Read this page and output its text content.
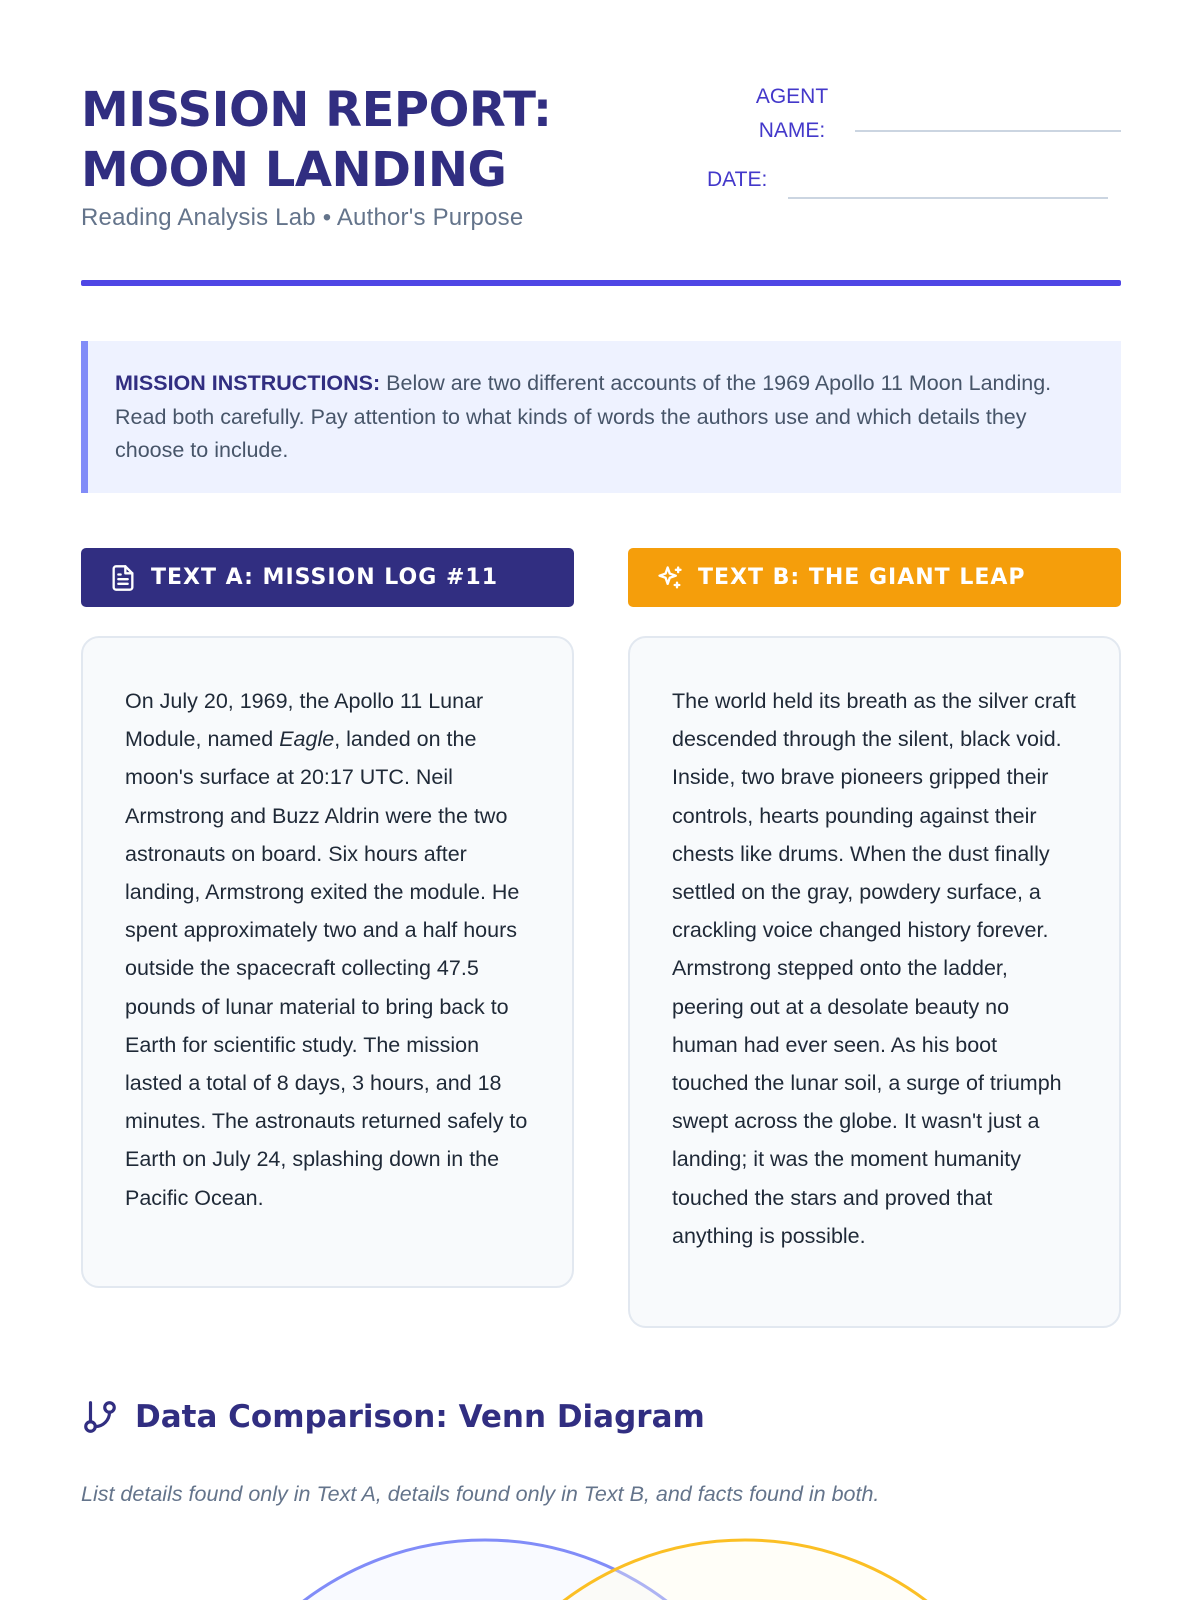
MISSION REPORT:
MOON LANDING
Reading Analysis Lab • Author's Purpose
AGENT
NAME:
DATE:
MISSION INSTRUCTIONS: Below are two different accounts of the 1969 Apollo 11 Moon Landing. Read both carefully. Pay attention to what kinds of words the authors use and which details they choose to include.
TEXT A: MISSION LOG #11	TEXT B: THE GIANT LEAP
On July 20, 1969, the Apollo 11 Lunar Module, named Eagle, landed on the moon's surface at 20:17 UTC. Neil Armstrong and Buzz Aldrin were the two astronauts on board. Six hours after landing, Armstrong exited the module. He spent approximately two and a half hours outside the spacecraft collecting 47.5 pounds of lunar material to bring back to Earth for scientific study. The mission lasted a total of 8 days, 3 hours, and 18 minutes. The astronauts returned safely to Earth on July 24, splashing down in the Pacific Ocean.
The world held its breath as the silver craft descended through the silent, black void. Inside, two brave pioneers gripped their controls, hearts pounding against their chests like drums. When the dust finally settled on the gray, powdery surface, a crackling voice changed history forever. Armstrong stepped onto the ladder, peering out at a desolate beauty no human had ever seen. As his boot touched the lunar soil, a surge of triumph swept across the globe. It wasn't just a landing; it was the moment humanity touched the stars and proved that anything is possible.
Data Comparison: Venn Diagram
List details found only in Text A, details found only in Text B, and facts found in both.
